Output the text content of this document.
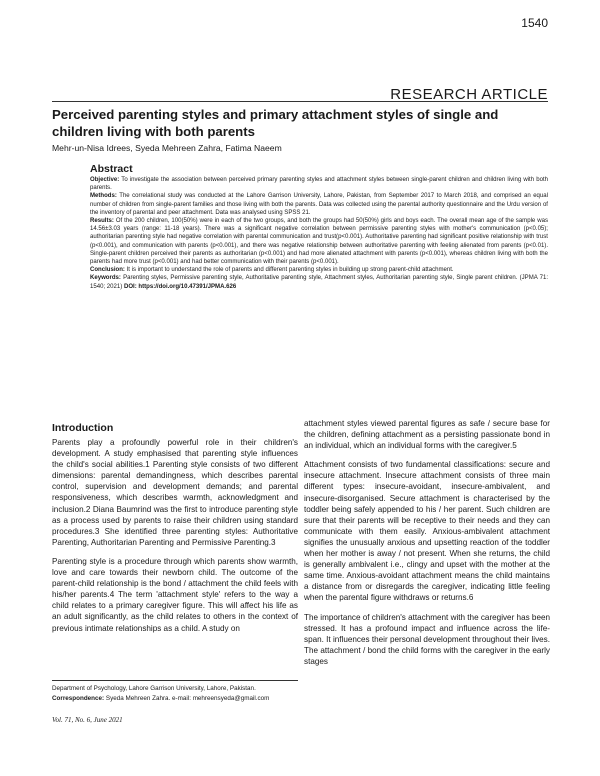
1540
RESEARCH ARTICLE
Perceived parenting styles and primary attachment styles of single and children living with both parents
Mehr-un-Nisa Idrees, Syeda Mehreen Zahra, Fatima Naeem
Abstract

Objective: To investigate the association between perceived primary parenting styles and attachment styles between single-parent children and children living with both parents.

Methods: The correlational study was conducted at the Lahore Garrison University, Lahore, Pakistan, from September 2017 to March 2018, and comprised an equal number of children from single-parent families and those living with both the parents. Data was collected using the parental authority questionnaire and the Urdu version of the inventory of parental and peer attachment. Data was analysed using SPSS 21.

Results: Of the 200 children, 100(50%) were in each of the two groups, and both the groups had 50(50%) girls and boys each. The overall mean age of the sample was 14.56±3.03 years (range: 11-18 years). There was a significant negative correlation between permissive parenting styles with mother's communication (p<0.05); authoritarian parenting style had negative correlation with parental communication and trust(p<0.001). Authoritative parenting had significant positive relationship with trust (p<0.001), and communication with parents (p<0.001), and there was negative relationship between authoritative parenting with feeling alienated from parents (p<0.01). Single-parent children perceived their parents as authoritarian (p<0.001) and had more alienated attachment with parents (p<0.001), whereas children living with both the parents had more trust (p<0.001) and had better communication with their parents (p<0.001).

Conclusion: It is important to understand the role of parents and different parenting styles in building up strong parent-child attachment.

Keywords: Parenting styles, Permissive parenting style, Authoritative parenting style, Attachment styles, Authoritarian parenting style, Single parent children. (JPMA 71: 1540; 2021) DOI: https://doi.org/10.47391/JPMA.626

Introduction

Parents play a profoundly powerful role in their children's development. A study emphasised that parenting style influences the child's social abilities.1 Parenting style consists of two different dimensions: parental demandingness, which describes parental control, supervision and development demands; and parental responsiveness, which describes warmth, acknowledgment and inclusion.2 Diana Baumrind was the first to introduce parenting style as a process used by parents to raise their children using standard procedures.3 She identified three parenting styles: Authoritative Parenting, Authoritarian Parenting and Permissive Parenting.3

Parenting style is a procedure through which parents show warmth, love and care towards their newborn child. The outcome of the parent-child relationship is the bond / attachment the child feels with his/her parents.4 The term 'attachment style' refers to the way a child relates to a primary caregiver figure. This will affect his life as an adult significantly, as the child relates to others in the context of previous intimate relationships as a child. A study on

attachment styles viewed parental figures as safe / secure base for the children, defining attachment as a persisting passionate bond in an individual, which an individual forms with the caregiver.5

Attachment consists of two fundamental classifications: secure and insecure attachment. Insecure attachment consists of three main different types: insecure-avoidant, insecure-ambivalent, and insecure-disorganised. Secure attachment is characterised by the toddler being safely appended to his / her parent. Such children are sure that their parents will be receptive to their needs and they can communicate with them easily. Anxious-ambivalent attachment signifies the unusually anxious and upsetting reaction of the toddler when her mother is away / not present. When she returns, the child is generally ambivalent i.e., clingy and upset with the mother at the same time. Anxious-avoidant attachment means the child maintains a distance from or disregards the caregiver, indicating little feeling when the parental figure withdraws or returns.6

The importance of children's attachment with the caregiver has been stressed. It has a profound impact and influence across the life-span. It influences their personal development throughout their lives. The attachment / bond the child forms with the caregiver in the early stages

Department of Psychology, Lahore Garrison University, Lahore, Pakistan.
Correspondence: Syeda Mehreen Zahra. e-mail: mehreensyeda@gmail.com
Vol. 71, No. 6, June 2021
